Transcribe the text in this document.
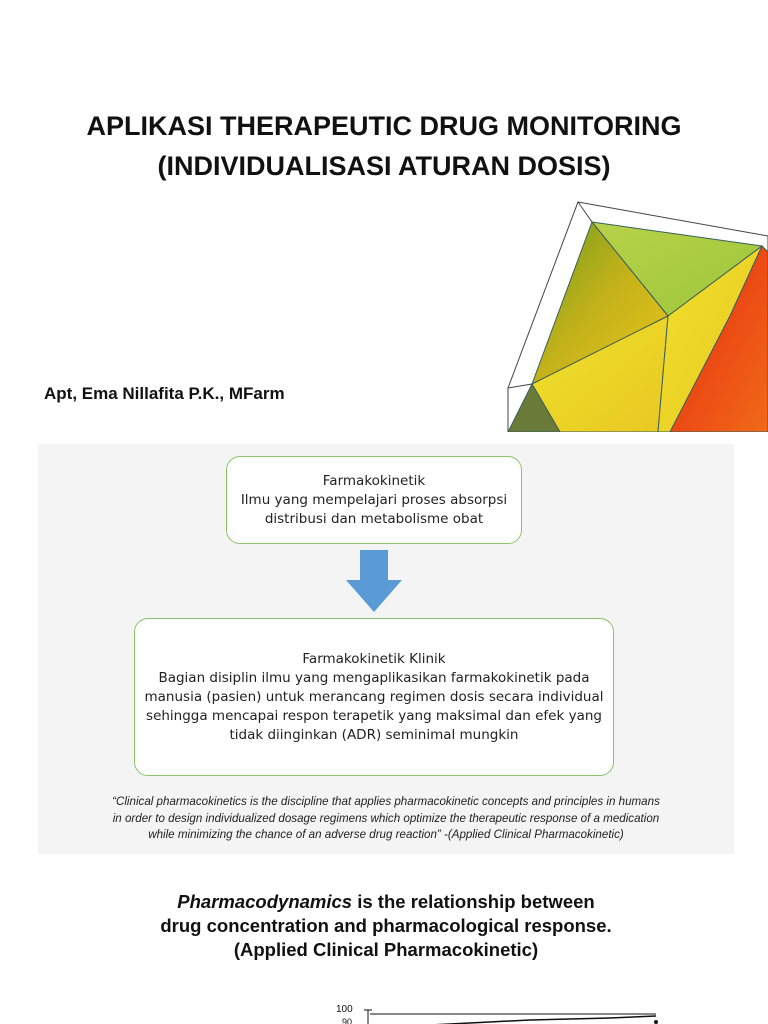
APLIKASI THERAPEUTIC DRUG MONITORING
(INDIVIDUALISASI ATURAN DOSIS)
Apt, Ema Nillafita P.K., MFarm
Farmakokinetik
Ilmu yang mempelajari proses absorpsi
distribusi dan metabolisme obat
Farmakokinetik Klinik
Bagian disiplin ilmu yang mengaplikasikan farmakokinetik pada
manusia (pasien) untuk merancang regimen dosis secara individual
sehingga mencapai respon terapetik yang maksimal dan efek yang
tidak diinginkan (ADR) seminimal mungkin
“Clinical pharmacokinetics is the discipline that applies pharmacokinetic concepts and principles in humans
in order to design individualized dosage regimens which optimize the therapeutic response of a medication
while minimizing the chance of an adverse drug reaction” -(Applied Clinical Pharmacokinetic)
Pharmacodynamics is the relationship between
drug concentration and pharmacological response.
(Applied Clinical Pharmacokinetic)
100
90
